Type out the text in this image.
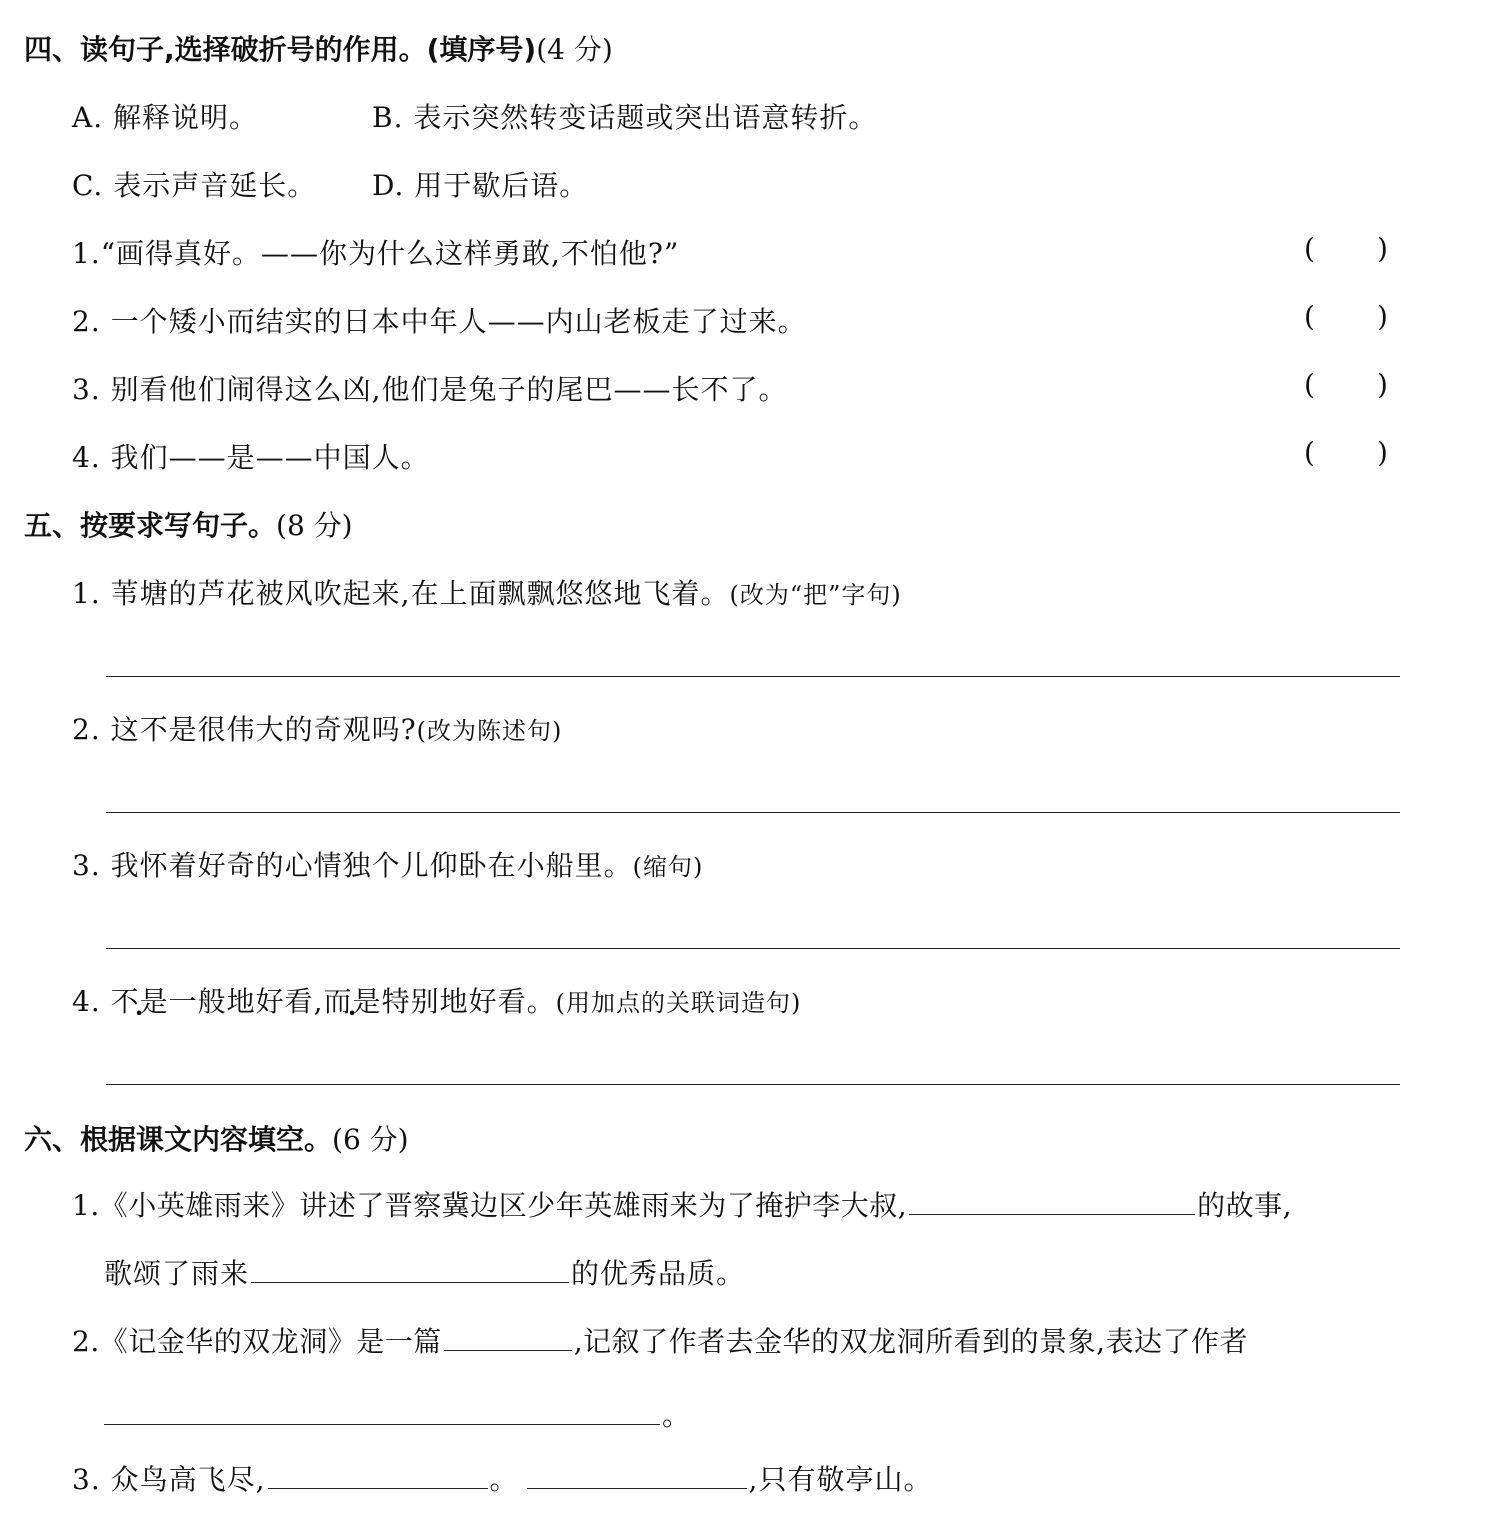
四、读句子,选择破折号的作用。(填序号)(4 分)
A. 解释说明。	B. 表示突然转变话题或突出语意转折。
C. 表示声音延长。 D. 用于歇后语。
1.“画得真好。——你为什么这样勇敢,不怕他?”	( )
2. 一个矮小而结实的日本中年人——内山老板走了过来。	( )
3. 别看他们闹得这么凶,他们是兔子的尾巴——长不了。	( )
4. 我们——是——中国人。	( )
五、按要求写句子。(8 分)
1. 苇塘的芦花被风吹起来,在上面飘飘悠悠地飞着。(改为“把”字句)
2. 这不是很伟大的奇观吗?(改为陈述句)
3. 我怀着好奇的心情独个儿仰卧在小船里。(缩句)
4. 不是一般地好看,而是特别地好看。(用加点的关联词造句)
六、根据课文内容填空。(6 分)
1.《小英雄雨来》讲述了晋察冀边区少年英雄雨来为了掩护李大叔,	的故事,
歌颂了雨来	的优秀品质。
2.《记金华的双龙洞》是一篇	,记叙了作者去金华的双龙洞所看到的景象,表达了作者
。
3. 众鸟高飞尽,	。	,只有敬亭山。
